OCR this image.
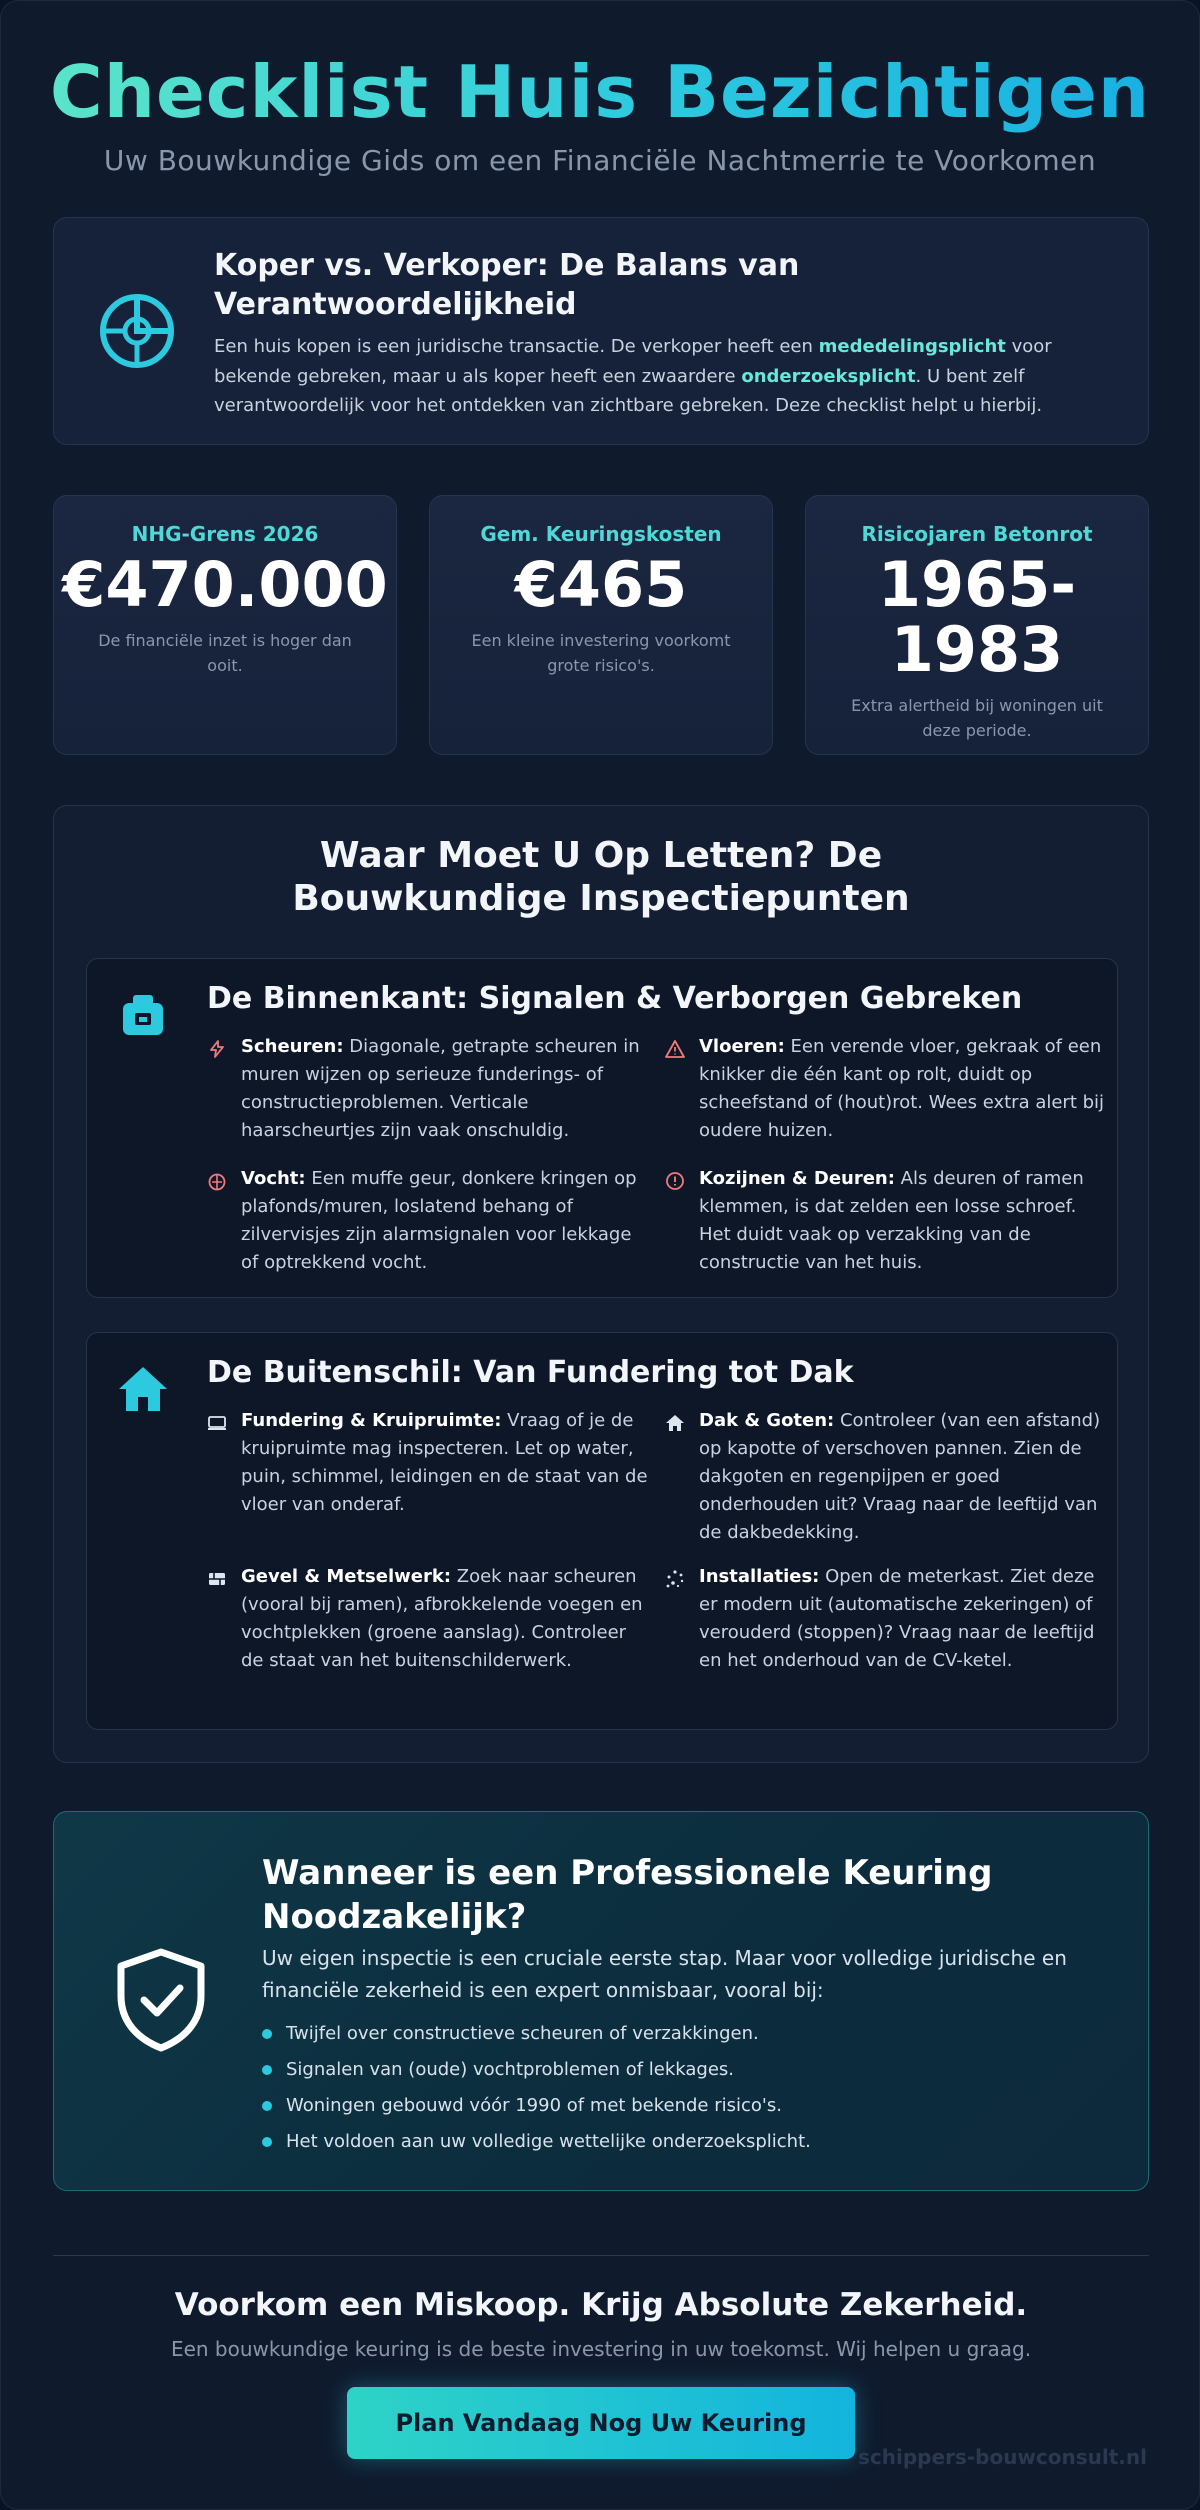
Checklist Huis Bezichtigen
Uw Bouwkundige Gids om een Financiële Nachtmerrie te Voorkomen
Koper vs. Verkoper: De Balans van Verantwoordelijkheid

Een huis kopen is een juridische transactie. De verkoper heeft een mededelingsplicht voor bekende gebreken, maar u als koper heeft een zwaardere onderzoeksplicht. U bent zelf verantwoordelijk voor het ontdekken van zichtbare gebreken. Deze checklist helpt u hierbij.

NHG-Grens 2026
€470.000
De financiële inzet is hoger dan ooit.
Gem. Keuringskosten
€465
Een kleine investering voorkomt grote risico's.
Risicojaren Betonrot
1965-
1983
Extra alertheid bij woningen uit deze periode.
Waar Moet U Op Letten? De Bouwkundige Inspectiepunten
De Binnenkant: Signalen & Verborgen Gebreken
Scheuren: Diagonale, getrapte scheuren in muren wijzen op serieuze funderings- of constructieproblemen. Verticale haarscheurtjes zijn vaak onschuldig.
Vloeren: Een verende vloer, gekraak of een knikker die één kant op rolt, duidt op scheefstand of (hout)rot. Wees extra alert bij oudere huizen.
Vocht: Een muffe geur, donkere kringen op plafonds/muren, loslatend behang of zilvervisjes zijn alarmsignalen voor lekkage of optrekkend vocht.
Kozijnen & Deuren: Als deuren of ramen klemmen, is dat zelden een losse schroef. Het duidt vaak op verzakking van de constructie van het huis.
De Buitenschil: Van Fundering tot Dak
Fundering & Kruipruimte: Vraag of je de kruipruimte mag inspecteren. Let op water, puin, schimmel, leidingen en de staat van de vloer van onderaf.
Dak & Goten: Controleer (van een afstand) op kapotte of verschoven pannen. Zien de dakgoten en regenpijpen er goed onderhouden uit? Vraag naar de leeftijd van de dakbedekking.
Gevel & Metselwerk: Zoek naar scheuren (vooral bij ramen), afbrokkelende voegen en vochtplekken (groene aanslag). Controleer de staat van het buitenschilderwerk.
Installaties: Open de meterkast. Ziet deze er modern uit (automatische zekeringen) of verouderd (stoppen)? Vraag naar de leeftijd en het onderhoud van de CV-ketel.
Wanneer is een Professionele Keuring Noodzakelijk?

Uw eigen inspectie is een cruciale eerste stap. Maar voor volledige juridische en financiële zekerheid is een expert onmisbaar, vooral bij:

Twijfel over constructieve scheuren of verzakkingen.
Signalen van (oude) vochtproblemen of lekkages.
Woningen gebouwd vóór 1990 of met bekende risico's.
Het voldoen aan uw volledige wettelijke onderzoeksplicht.
Voorkom een Miskoop. Krijg Absolute Zekerheid.

Een bouwkundige keuring is de beste investering in uw toekomst. Wij helpen u graag.

Plan Vandaag Nog Uw Keuring
schippers-bouwconsult.nl
